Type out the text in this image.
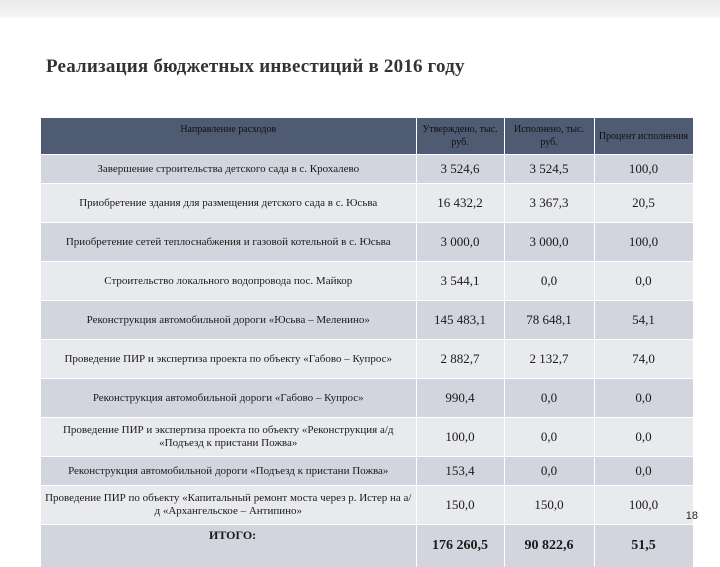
Реализация бюджетных инвестиций в 2016 году
Направление расходов	Утверждено, тыс. руб.	Исполнено, тыс. руб.	Процент исполнения
Завершение строительства детского сада в с. Крохалево	3 524,6	3 524,5	100,0
Приобретение здания для размещения детского сада в с. Юсьва	16 432,2	3 367,3	20,5
Приобретение сетей теплоснабжения и газовой котельной в с. Юсьва	3 000,0	3 000,0	100,0
Строительство локального водопровода пос. Майкор	3 544,1	0,0	0,0
Реконструкция автомобильной дороги «Юсьва – Меленино»	145 483,1	78 648,1	54,1
Проведение ПИР и экспертиза проекта по объекту «Габово – Купрос»	2 882,7	2 132,7	74,0
Реконструкция автомобильной дороги «Габово – Купрос»	990,4	0,0	0,0
Проведение ПИР и экспертиза проекта по объекту «Реконструкция а/д «Подъезд к пристани Пожва»	100,0	0,0	0,0
Реконструкция автомобильной дороги «Подъезд к пристани Пожва»	153,4	0,0	0,0
Проведение ПИР по объекту «Капитальный ремонт моста через р. Истер на а/д «Архангельское – Антипино»	150,0	150,0	100,0
ИТОГО:	176 260,5	90 822,6	51,5
18
